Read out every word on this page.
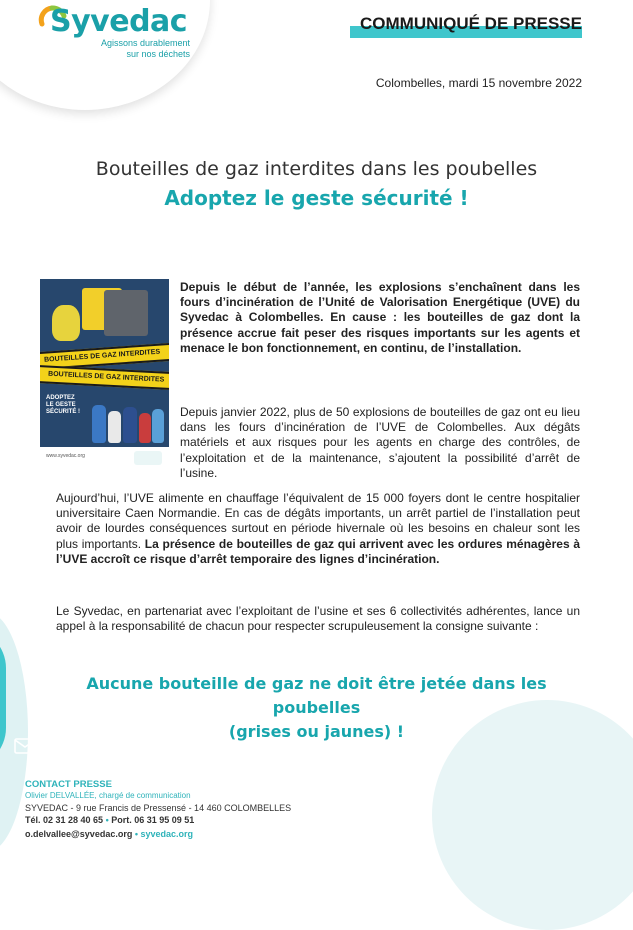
Syvedac
Agissons durablement
sur nos déchets
COMMUNIQUÉ DE PRESSE
Colombelles, mardi 15 novembre 2022
Bouteilles de gaz interdites dans les poubelles
Adoptez le geste sécurité !
BOUTEILLES DE GAZ INTERDITES
BOUTEILLES DE GAZ INTERDITES
ADOPTEZ
LE GESTE
SÉCURITÉ !
www.syvedac.org
Depuis le début de l’année, les explosions s’enchaînent dans les fours d’incinération de l’Unité de Valorisation Energétique (UVE) du Syvedac à Colombelles. En cause : les bouteilles de gaz dont la présence accrue fait peser des risques importants sur les agents et menace le bon fonctionnement, en continu, de l’installation.
Depuis janvier 2022, plus de 50 explosions de bouteilles de gaz ont eu lieu dans les fours d’incinération de l’UVE de Colombelles. Aux dégâts matériels et aux risques pour les agents en charge des contrôles, de l’exploitation et de la maintenance, s’ajoutent la possibilité d’arrêt de l’usine.
Aujourd’hui, l’UVE alimente en chauffage l’équivalent de 15 000 foyers dont le centre hospitalier universitaire Caen Normandie. En cas de dégâts importants, un arrêt partiel de l’installation peut avoir de lourdes conséquences surtout en période hivernale où les besoins en chaleur sont les plus importants. La présence de bouteilles de gaz qui arrivent avec les ordures ménagères à l’UVE accroît ce risque d’arrêt temporaire des lignes d’incinération.
Le Syvedac, en partenariat avec l’exploitant de l’usine et ses 6 collectivités adhérentes, lance un appel à la responsabilité de chacun pour respecter scrupuleusement la consigne suivante :
Aucune bouteille de gaz ne doit être jetée dans les poubelles
(grises ou jaunes) !
CONTACT PRESSE
Olivier DELVALLÉE, chargé de communication
SYVEDAC - 9 rue Francis de Pressensé - 14 460 COLOMBELLES
Tél. 02 31 28 40 65 • Port. 06 31 95 09 51
o.delvallee@syvedac.org • syvedac.org
